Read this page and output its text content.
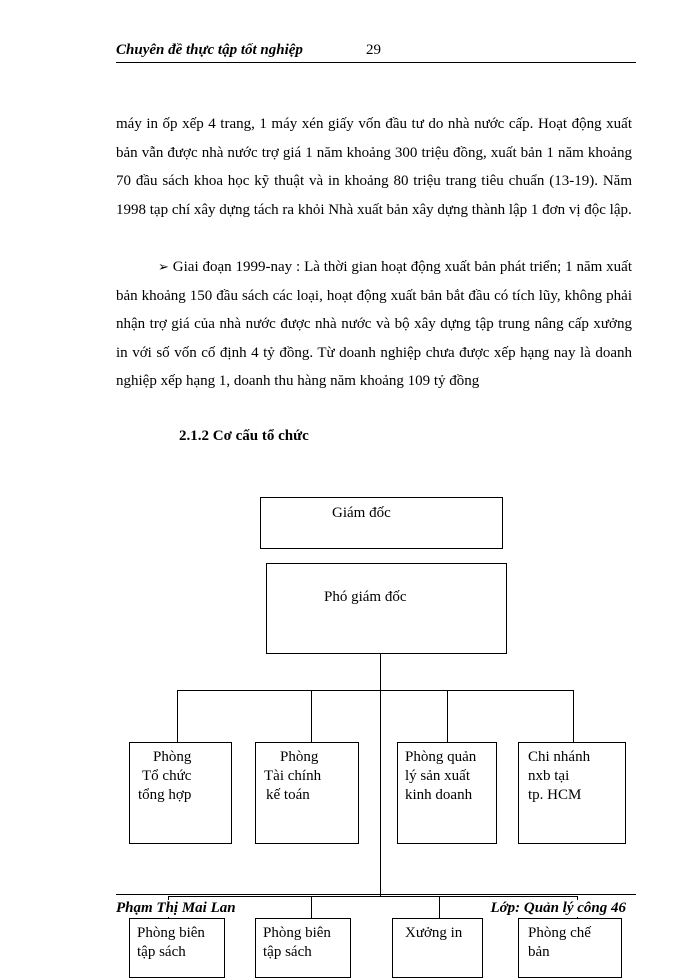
Chuyên đề thực tập tốt nghiệp	29
máy in ốp xếp 4 trang, 1 máy xén giấy vốn đầu tư do nhà nước cấp. Hoạt động xuất bản vẫn được nhà nước trợ giá 1 năm khoảng 300 triệu đồng, xuất bản 1 năm khoảng 70 đầu sách khoa học kỹ thuật và in khoảng 80 triệu trang tiêu chuẩn (13-19). Năm 1998 tạp chí xây dựng tách ra khỏi Nhà xuất bản xây dựng thành lập 1 đơn vị độc lập.
➢ Giai đoạn 1999-nay : Là thời gian hoạt động xuất bản phát triển; 1 năm xuất bản khoảng 150 đầu sách các loại, hoạt động xuất bản bắt đầu có tích lũy, không phải nhận trợ giá của nhà nước được nhà nước và bộ xây dựng tập trung nâng cấp xưởng in với số vốn cố định 4 tỷ đồng. Từ doanh nghiệp chưa được xếp hạng nay là doanh nghiệp xếp hạng 1, doanh thu hàng năm khoảng 109 tỷ đồng
2.1.2 Cơ cấu tổ chức
Giám đốc
Phó giám đốc
Phòng
Tổ chức
tổng hợp
Phòng
Tài chính
kế toán
Phòng quản
lý sản xuất
kinh doanh
Chi nhánh
nxb tại
tp. HCM
Phòng biên
tập sách
Phòng biên
tập sách
Xưởng in	Phòng chế
bản
Phạm Thị Mai Lan	Lớp: Quản lý công 46
